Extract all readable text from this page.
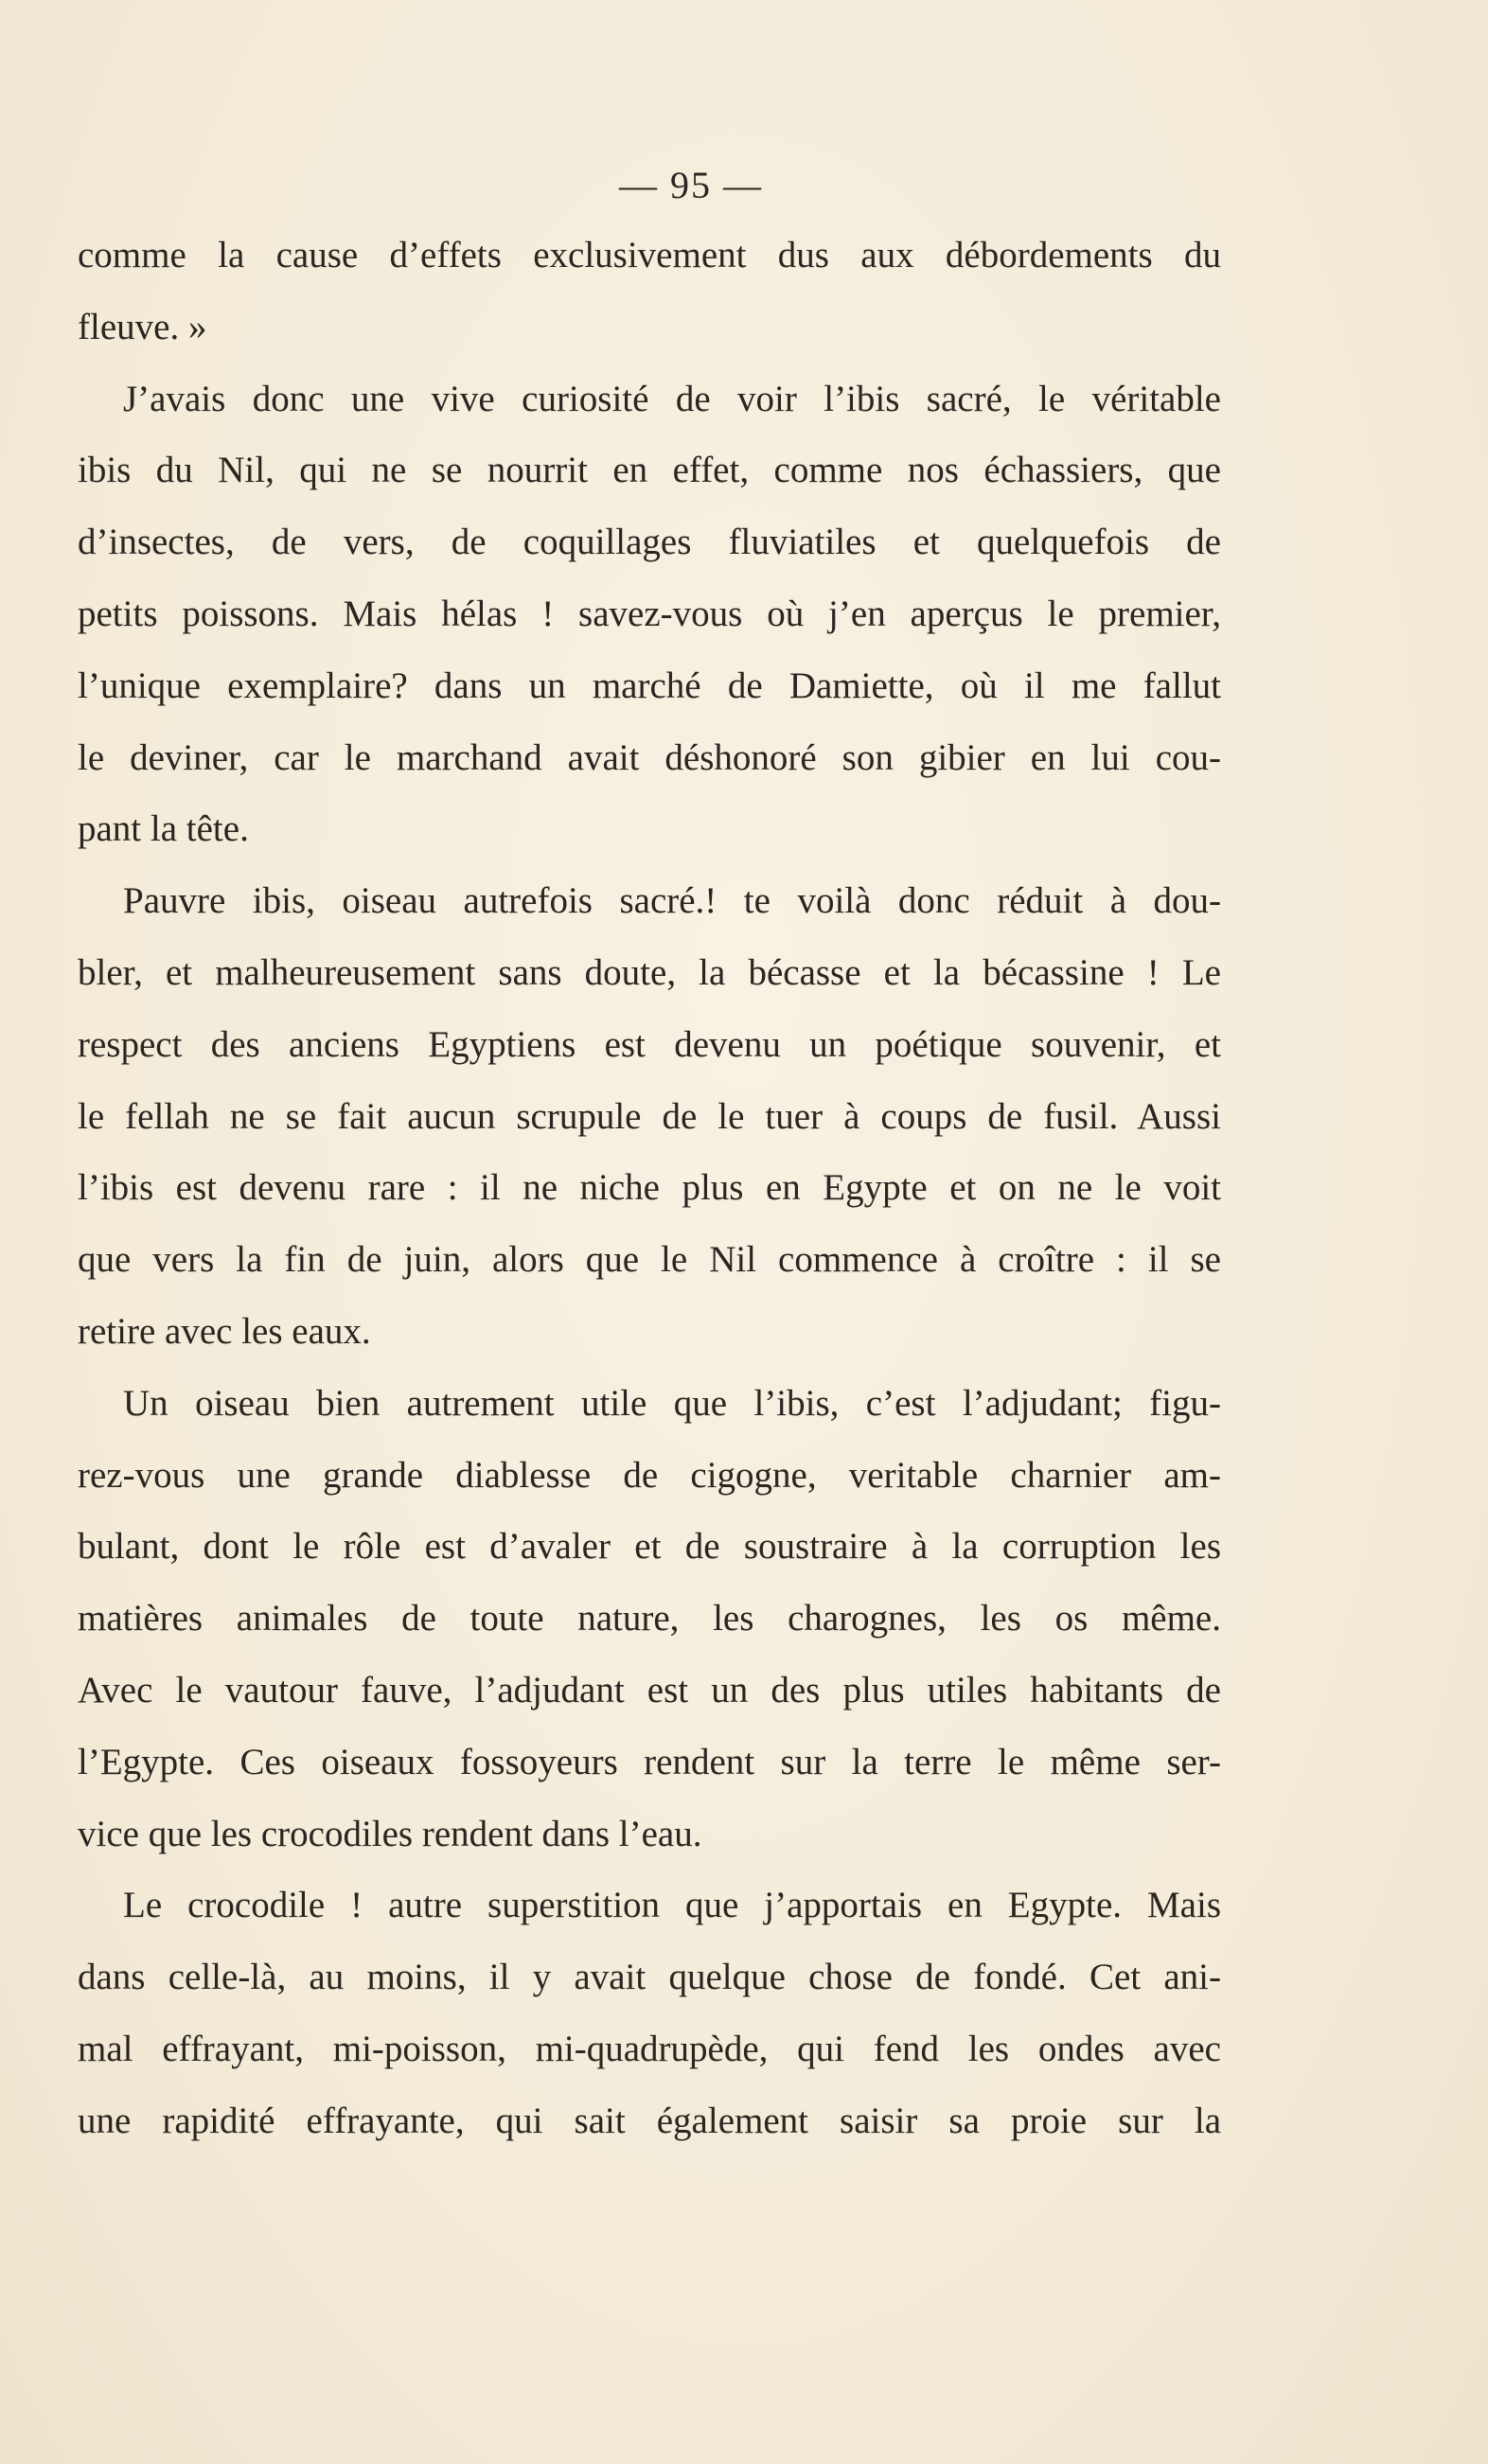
— 95 —
comme la cause d’effets exclusivement dus aux débordements du
fleuve. »
J’avais donc une vive curiosité de voir l’ibis sacré, le véritable
ibis du Nil, qui ne se nourrit en effet, comme nos échassiers, que
d’insectes, de vers, de coquillages fluviatiles et quelquefois de
petits poissons. Mais hélas ! savez-vous où j’en aperçus le premier,
l’unique exemplaire? dans un marché de Damiette, où il me fallut
le deviner, car le marchand avait déshonoré son gibier en lui cou-
pant la tête.
Pauvre ibis, oiseau autrefois sacré.! te voilà donc réduit à dou-
bler, et malheureusement sans doute, la bécasse et la bécassine ! Le
respect des anciens Egyptiens est devenu un poétique souvenir, et
le fellah ne se fait aucun scrupule de le tuer à coups de fusil. Aussi
l’ibis est devenu rare : il ne niche plus en Egypte et on ne le voit
que vers la fin de juin, alors que le Nil commence à croître : il se
retire avec les eaux.
Un oiseau bien autrement utile que l’ibis, c’est l’adjudant; figu-
rez-vous une grande diablesse de cigogne, veritable charnier am-
bulant, dont le rôle est d’avaler et de soustraire à la corruption les
matières animales de toute nature, les charognes, les os même.
Avec le vautour fauve, l’adjudant est un des plus utiles habitants de
l’Egypte. Ces oiseaux fossoyeurs rendent sur la terre le même ser-
vice que les crocodiles rendent dans l’eau.
Le crocodile ! autre superstition que j’apportais en Egypte. Mais
dans celle-là, au moins, il y avait quelque chose de fondé. Cet ani-
mal effrayant, mi-poisson, mi-quadrupède, qui fend les ondes avec
une rapidité effrayante, qui sait également saisir sa proie sur la
